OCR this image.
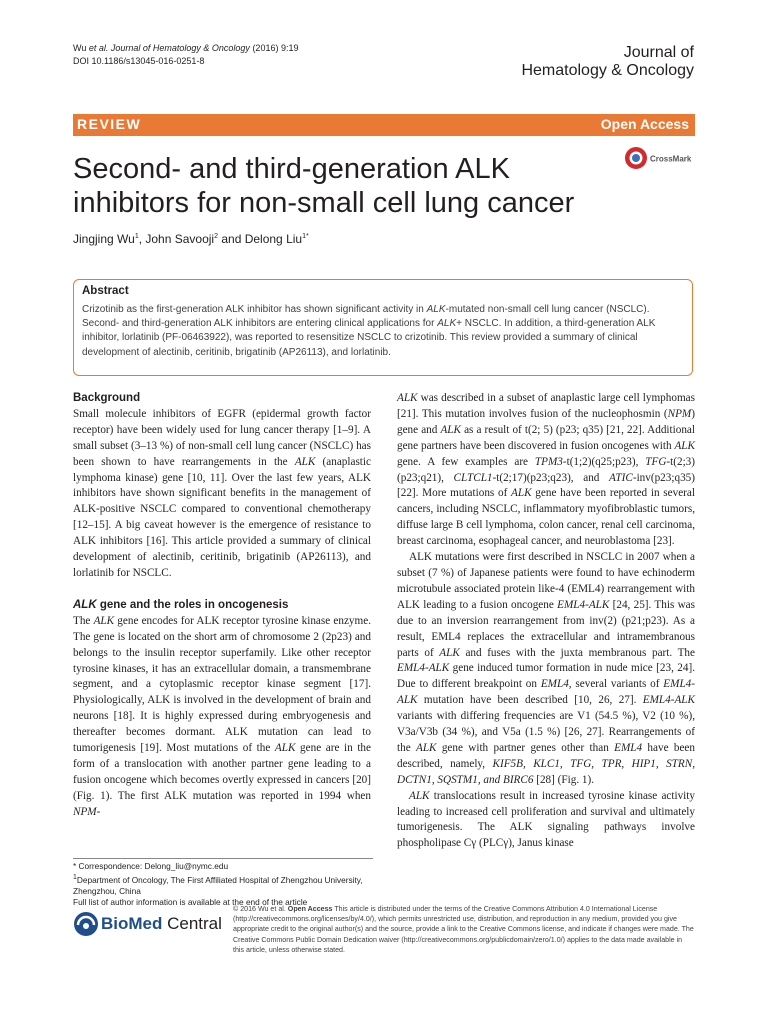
Wu et al. Journal of Hematology & Oncology (2016) 9:19
DOI 10.1186/s13045-016-0251-8	Journal of
Hematology & Oncology
REVIEW	Open Access
Second- and third-generation ALK inhibitors for non-small cell lung cancer
CrossMark
Jingjing Wu$^1$, John Savooji$^2$ and Delong Liu$^{1*}$
Abstract
Crizotinib as the first-generation ALK inhibitor has shown significant activity in ALK-mutated non-small cell lung cancer (NSCLC). Second- and third-generation ALK inhibitors are entering clinical applications for ALK+ NSCLC. In addition, a third-generation ALK inhibitor, lorlatinib (PF-06463922), was reported to resensitize NSCLC to crizotinib. This review provided a summary of clinical development of alectinib, ceritinib, brigatinib (AP26113), and lorlatinib.
Background

Small molecule inhibitors of EGFR (epidermal growth factor receptor) have been widely used for lung cancer therapy [1–9]. A small subset (3–13 %) of non-small cell lung cancer (NSCLC) has been shown to have rearrangements in the ALK (anaplastic lymphoma kinase) gene [10, 11]. Over the last few years, ALK inhibitors have shown significant benefits in the management of ALK-positive NSCLC compared to conventional chemotherapy [12–15]. A big caveat however is the emergence of resistance to ALK inhibitors [16]. This article provided a summary of clinical development of alectinib, ceritinib, brigatinib (AP26113), and lorlatinib for NSCLC.

ALK gene and the roles in oncogenesis

The ALK gene encodes for ALK receptor tyrosine kinase enzyme. The gene is located on the short arm of chromosome 2 (2p23) and belongs to the insulin receptor superfamily. Like other receptor tyrosine kinases, it has an extracellular domain, a transmembrane segment, and a cytoplasmic receptor kinase segment [17]. Physiologically, ALK is involved in the development of brain and neurons [18]. It is highly expressed during embryogenesis and thereafter becomes dormant. ALK mutation can lead to tumorigenesis [19]. Most mutations of the ALK gene are in the form of a translocation with another partner gene leading to a fusion oncogene which becomes overtly expressed in cancers [20] (Fig. 1). The first ALK mutation was reported in 1994 when NPM-

ALK was described in a subset of anaplastic large cell lymphomas [21]. This mutation involves fusion of the nucleophosmin (NPM) gene and ALK as a result of t(2; 5) (p23; q35) [21, 22]. Additional gene partners have been discovered in fusion oncogenes with ALK gene. A few examples are TPM3-t(1;2)(q25;p23), TFG-t(2;3)(p23;q21), CLTCL1-t(2;17)(p23;q23), and ATIC-inv(p23;q35) [22]. More mutations of ALK gene have been reported in several cancers, including NSCLC, inflammatory myofibroblastic tumors, diffuse large B cell lymphoma, colon cancer, renal cell carcinoma, breast carcinoma, esophageal cancer, and neuroblastoma [23].

ALK mutations were first described in NSCLC in 2007 when a subset (7 %) of Japanese patients were found to have echinoderm microtubule associated protein like-4 (EML4) rearrangement with ALK leading to a fusion oncogene EML4-ALK [24, 25]. This was due to an inversion rearrangement from inv(2) (p21;p23). As a result, EML4 replaces the extracellular and intramembranous parts of ALK and fuses with the juxta membranous part. The EML4-ALK gene induced tumor formation in nude mice [23, 24]. Due to different breakpoint on EML4, several variants of EML4-ALK mutation have been described [10, 26, 27]. EML4-ALK variants with differing frequencies are V1 (54.5 %), V2 (10 %), V3a/V3b (34 %), and V5a (1.5 %) [26, 27]. Rearrangements of the ALK gene with partner genes other than EML4 have been described, namely, KIF5B, KLC1, TFG, TPR, HIP1, STRN, DCTN1, SQSTM1, and BIRC6 [28] (Fig. 1).

ALK translocations result in increased tyrosine kinase activity leading to increased cell proliferation and survival and ultimately tumorigenesis. The ALK signaling pathways involve phospholipase Cγ (PLCγ), Janus kinase

* Correspondence: Delong_liu@nymc.edu
$^1$Department of Oncology, The First Affiliated Hospital of Zhengzhou University, Zhengzhou, China
Full list of author information is available at the end of the article
BioMed Central
© 2016 Wu et al. Open Access This article is distributed under the terms of the Creative Commons Attribution 4.0 International License (http://creativecommons.org/licenses/by/4.0/), which permits unrestricted use, distribution, and reproduction in any medium, provided you give appropriate credit to the original author(s) and the source, provide a link to the Creative Commons license, and indicate if changes were made. The Creative Commons Public Domain Dedication waiver (http://creativecommons.org/publicdomain/zero/1.0/) applies to the data made available in this article, unless otherwise stated.
